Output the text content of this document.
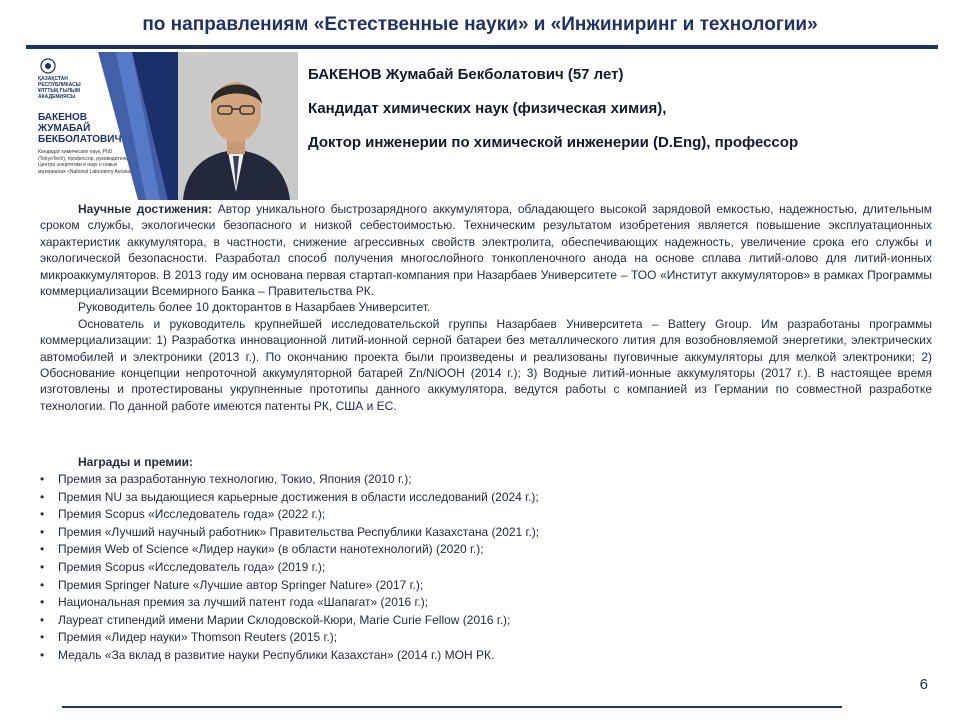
по направлениям «Естественные науки» и «Инжиниринг и технологии»
ҚАЗАҚСТАН РЕСПУБЛИКАСЫ
ҰЛТТЫҚ ҒЫЛЫМ АКАДЕМИЯСЫ
БАКЕНОВ
ЖУМАБАЙ
БЕКБОЛАТОВИЧ
Кандидат химических наук, PhD (TokyoTech), профессор, руководитель Центра энергетики и наук о новых материалах «National Laboratory Astana»
БАКЕНОВ Жумабай Бекболатович (57 лет)
Кандидат химических наук (физическая химия),
Доктор инженерии по химической инженерии (D.Eng), профессор

Научные достижения: Автор уникального быстрозарядного аккумулятора, обладающего высокой зарядовой емкостью, надежностью, длительным сроком службы, экологически безопасного и низкой себестоимостью. Техническим результатом изобретения является повышение эксплуатационных характеристик аккумулятора, в частности, снижение агрессивных свойств электролита, обеспечивающих надежность, увеличение срока его службы и экологической безопасности. Разработал способ получения многослойного тонкопленочного анода на основе сплава литий-олово для литий-ионных микроаккумуляторов. В 2013 году им основана первая стартап-компания при Назарбаев Университете – ТОО «Институт аккумуляторов» в рамках Программы коммерциализации Всемирного Банка – Правительства РК.

Руководитель более 10 докторантов в Назарбаев Университет.

Основатель и руководитель крупнейшей исследовательской группы Назарбаев Университета – Battery Group. Им разработаны программы коммерциализации: 1) Разработка инновационной литий-ионной серной батареи без металлического лития для возобновляемой энергетики, электрических автомобилей и электроники (2013 г.). По окончанию проекта были произведены и реализованы пуговичные аккумуляторы для мелкой электроники; 2) Обоснование концепции непроточной аккумуляторной батарей Zn/NiOOH (2014 г.); 3) Водные литий-ионные аккумуляторы (2017 г.). В настоящее время изготовлены и протестированы укрупненные прототипы данного аккумулятора, ведутся работы с компанией из Германии по совместной разработке технологии. По данной работе имеются патенты РК, США и ЕС.

Награды и премии:
• Премия за разработанную технологию, Токио, Япония (2010 г.);
• Премия NU за выдающиеся карьерные достижения в области исследований (2024 г.);
• Премия Scopus «Исследователь года» (2022 г.);
• Премия «Лучший научный работник» Правительства Республики Казахстана (2021 г.);
• Премия Web of Science «Лидер науки» (в области нанотехнологий) (2020 г.);
• Премия Scopus «Исследователь года» (2019 г.);
• Премия Springer Nature «Лучшие автор Springer Nature» (2017 г.);
• Национальная премия за лучший патент года «Шапагат» (2016 г.);
• Лауреат стипендий имени Марии Склодовской-Кюри, Marie Curie Fellow (2016 г.);
• Премия «Лидер науки» Thomson Reuters (2015 г.);
• Медаль «За вклад в развитие науки Республики Казахстан» (2014 г.) МОН РК.
6
